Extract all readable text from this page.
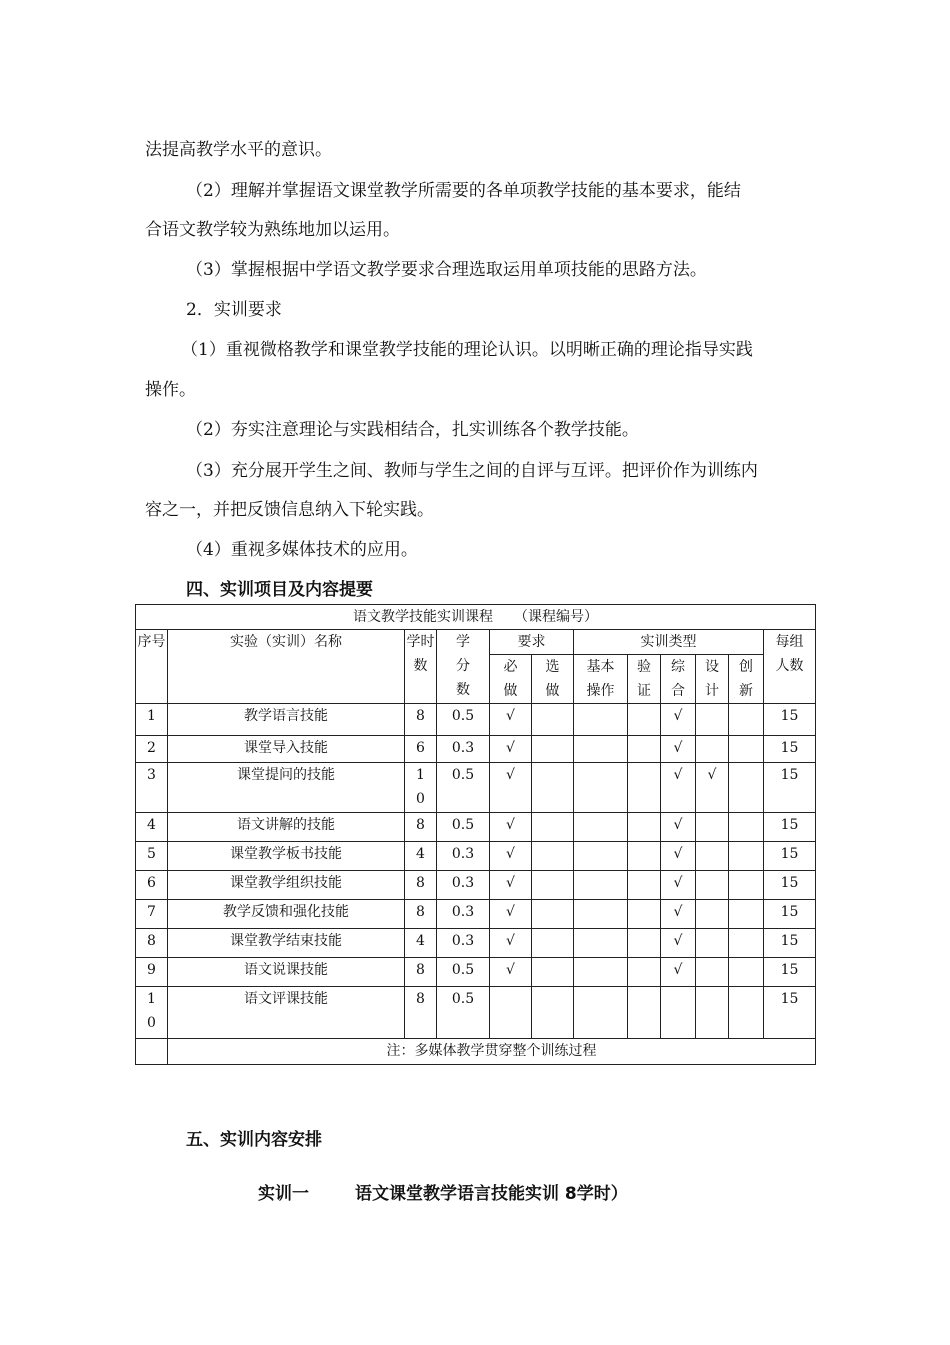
法提高教学水平的意识。
（2）理解并掌握语文课堂教学所需要的各单项教学技能的基本要求，能结
合语文教学较为熟练地加以运用。
（3）掌握根据中学语文教学要求合理选取运用单项技能的思路方法。
2．实训要求
（1）重视微格教学和课堂教学技能的理论认识。以明晰正确的理论指导实践
操作。
（2）夯实注意理论与实践相结合，扎实训练各个教学技能。
（3）充分展开学生之间、教师与学生之间的自评与互评。把评价作为训练内
容之一，并把反馈信息纳入下轮实践。
（4）重视多媒体技术的应用。
四、实训项目及内容提要
语文教学技能实训课程　　（课程编号）											
序号	实验（实训）名称	学时数	学分数	要求		实训类型					每组人数
				必做	选做	基本操作	验证	综合	设计	创新	

1	教学语言技能	8	0.5	√				√			15
2	课堂导入技能	6	0.3	√				√			15
3	课堂提问的技能	10	0.5	√				√	√		15
4	语文讲解的技能	8	0.5	√				√			15
5	课堂教学板书技能	4	0.3	√				√			15
6	课堂教学组织技能	8	0.3	√				√			15
7	教学反馈和强化技能	8	0.3	√				√			15
8	课堂教学结束技能	4	0.3	√				√			15
9	语文说课技能	8	0.5	√				√			15
10	语文评课技能	8	0.5								15
	注：多媒体教学贯穿整个训练过程										
五、实训内容安排
实训一	语文课堂教学语言技能实训 8学时）
